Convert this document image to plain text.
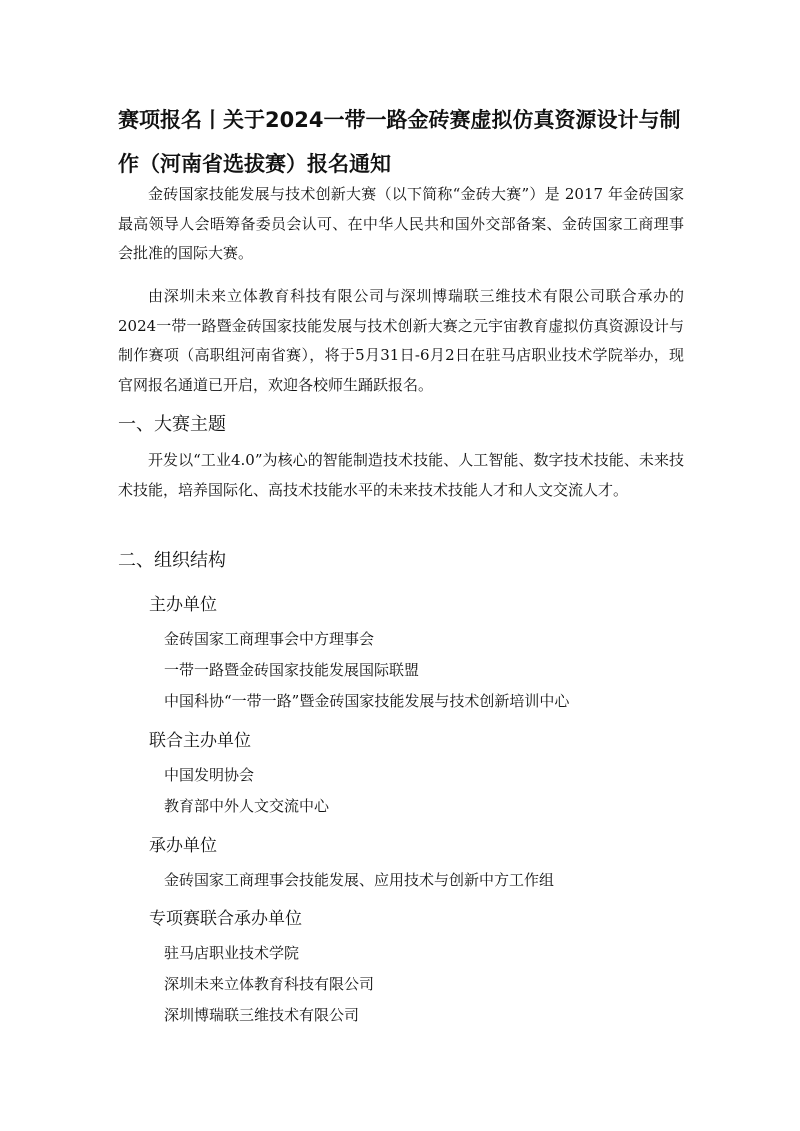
赛项报名丨关于2024一带一路金砖赛虚拟仿真资源设计与制作（河南省选拔赛）报名通知

金砖国家技能发展与技术创新大赛（以下简称“金砖大赛”）是 2017 年金砖国家最高领导人会晤筹备委员会认可、在中华人民共和国外交部备案、金砖国家工商理事会批准的国际大赛。

由深圳未来立体教育科技有限公司与深圳博瑞联三维技术有限公司联合承办的2024一带一路暨金砖国家技能发展与技术创新大赛之元宇宙教育虚拟仿真资源设计与制作赛项（高职组河南省赛），将于5月31日-6月2日在驻马店职业技术学院举办，现官网报名通道已开启，欢迎各校师生踊跃报名。

一、大赛主题

开发以“工业4.0”为核心的智能制造技术技能、人工智能、数字技术技能、未来技术技能，培养国际化、高技术技能水平的未来技术技能人才和人文交流人才。

二、组织结构
主办单位

金砖国家工商理事会中方理事会

一带一路暨金砖国家技能发展国际联盟

中国科协“一带一路”暨金砖国家技能发展与技术创新培训中心

联合主办单位

中国发明协会

教育部中外人文交流中心

承办单位

金砖国家工商理事会技能发展、应用技术与创新中方工作组

专项赛联合承办单位

驻马店职业技术学院

深圳未来立体教育科技有限公司

深圳博瑞联三维技术有限公司
